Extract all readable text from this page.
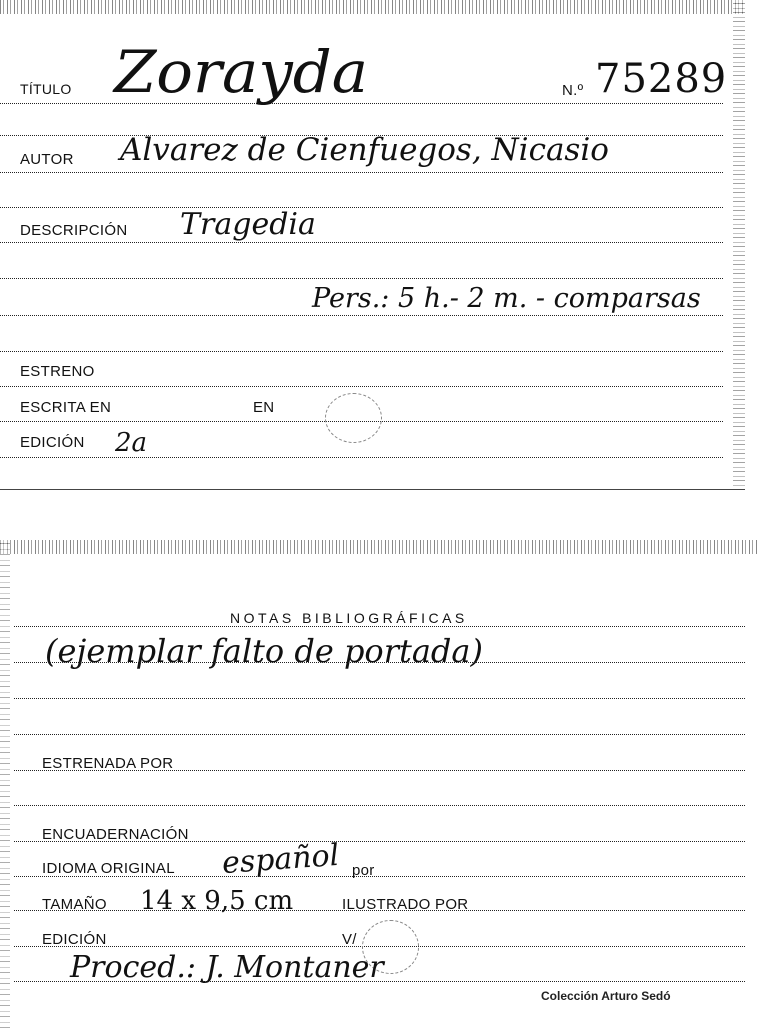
TÍTULO Zorayda	N.º 75289
AUTOR Alvarez de Cienfuegos, Nicasio
DESCRIPCIÓN Tragedia
Pers.: 5 h.- 2 m. - comparsas
ESTRENO
ESCRITA EN	EN
EDICIÓN 2a
NOTAS BIBLIOGRÁFICAS
(ejemplar falto de portada)
ESTRENADA POR
ENCUADERNACIÓN
IDIOMA ORIGINAL español por
TAMAÑO 14 x 9,5 cm	ILUSTRADO POR
EDICIÓN	V/
Proced.: J. Montaner
Colección Arturo Sedó
